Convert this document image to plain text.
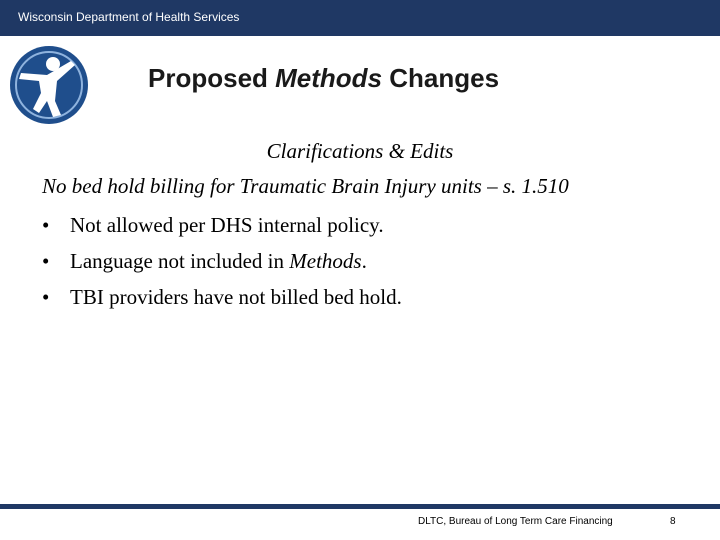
Wisconsin Department of Health Services
Proposed Methods Changes
Clarifications & Edits
No bed hold billing for Traumatic Brain Injury units – s. 1.510
• Not allowed per DHS internal policy.
• Language not included in Methods.
• TBI providers have not billed bed hold.
DLTC, Bureau of Long Term Care Financing	8
